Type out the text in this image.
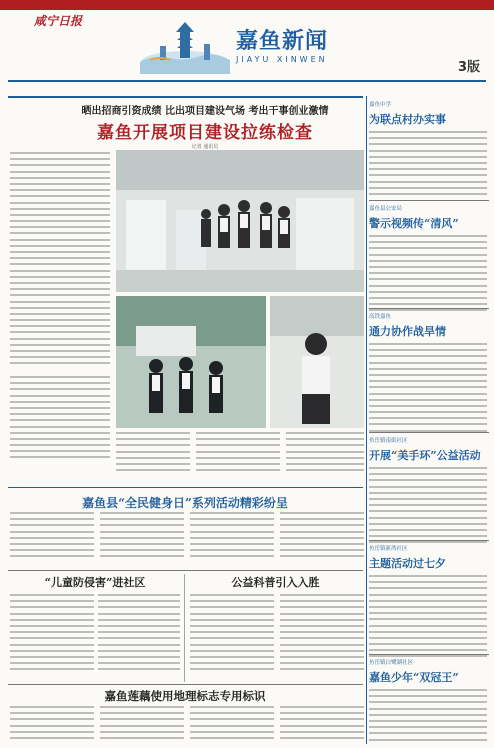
咸宁日报
嘉鱼新闻
JIAYU XINWEN
3版
晒出招商引资成绩 比出项目建设气场 考出干事创业激情
嘉鱼开展项目建设拉练检查
记者 通讯员
嘉鱼县“全民健身日”系列活动精彩纷呈
“儿童防侵害”进社区	公益科普引入入胜
嘉鱼莲藕使用地理标志专用标识
嘉鱼中学
为联点村办实事
嘉鱼县公安局
警示视频传“清风”
高铁嘉鱼
通力协作战旱情
鱼岳镇南街社区
开展“美手环”公益活动
鱼岳镇新湾社区
主题活动过七夕
鱼岳镇白鹭湖社区
嘉鱼少年“双冠王”
